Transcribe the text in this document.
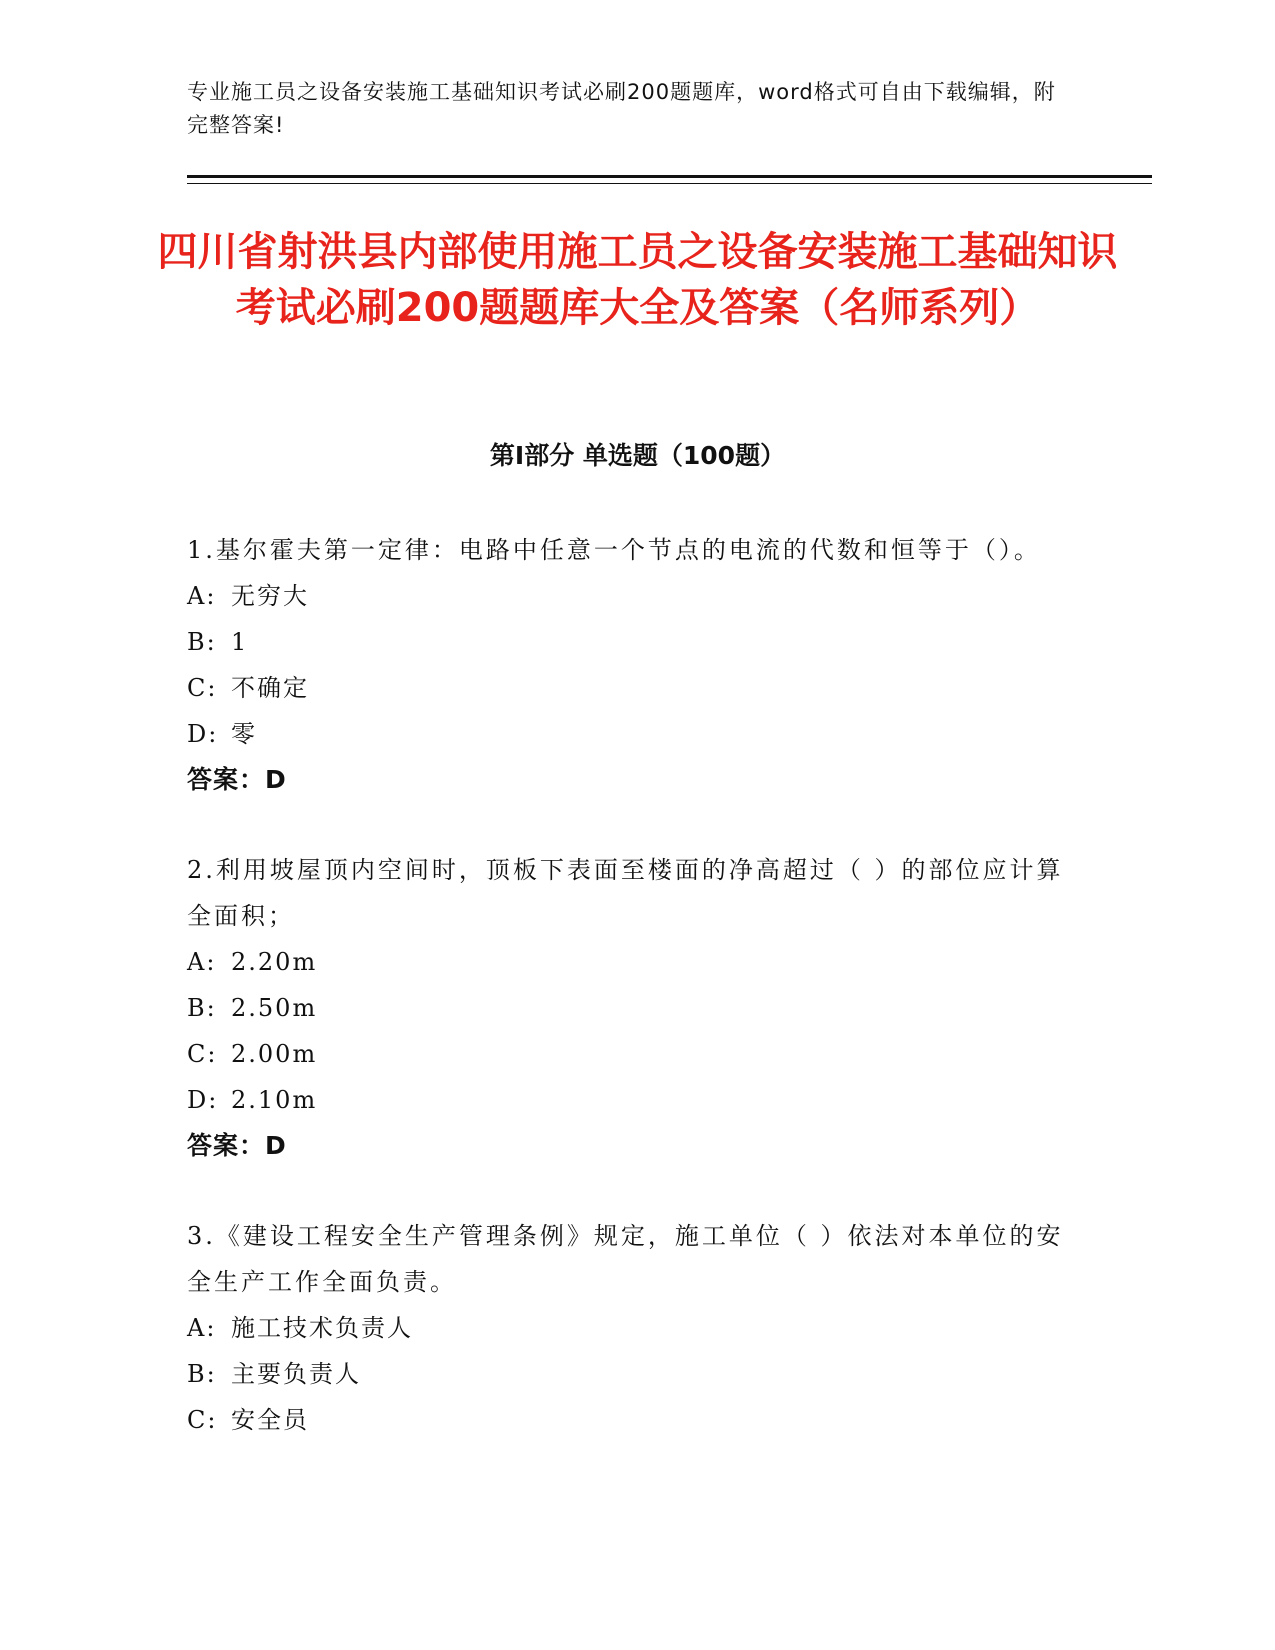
专业施工员之设备安装施工基础知识考试必刷200题题库，word格式可自由下载编辑，附完整答案!
四川省射洪县内部使用施工员之设备安装施工基础知识考试必刷200题题库大全及答案（名师系列）
第Ⅰ部分 单选题（100题）
1.基尔霍夫第一定律：电路中任意一个节点的电流的代数和恒等于（）。
A: 无穷大
B: 1
C: 不确定
D: 零
答案：D
2.利用坡屋顶内空间时，顶板下表面至楼面的净高超过（ ）的部位应计算全面积；
A: 2.20m
B: 2.50m
C: 2.00m
D: 2.10m
答案：D
3.《建设工程安全生产管理条例》规定，施工单位（ ）依法对本单位的安全生产工作全面负责。
A: 施工技术负责人
B: 主要负责人
C: 安全员
